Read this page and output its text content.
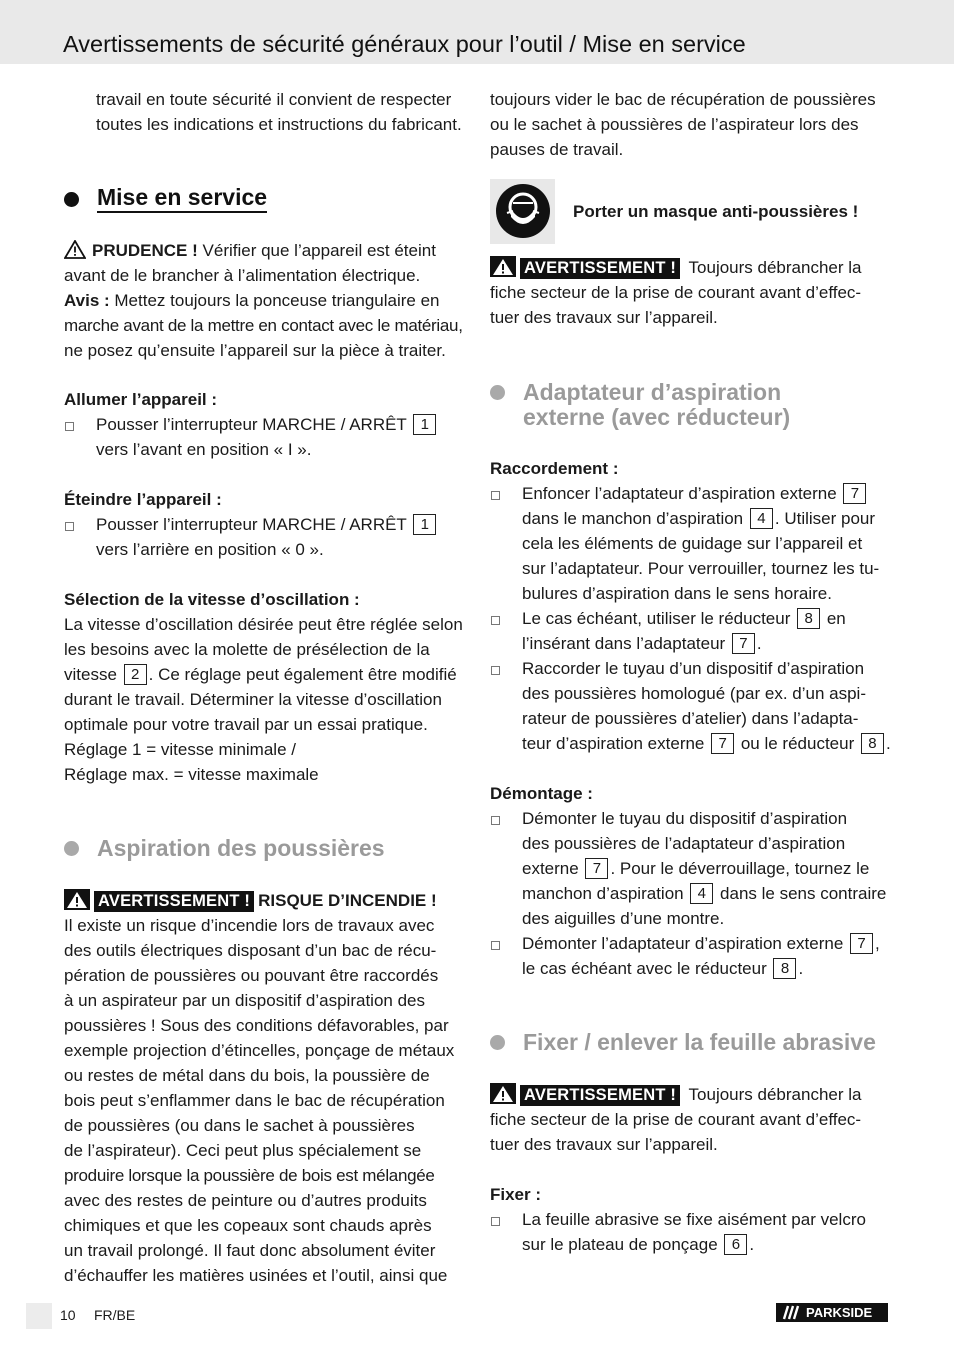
Avertissements de sécurité généraux pour l’outil / Mise en service

travail en toute sécurité il convient de respecter

toutes les indications et instructions du fabricant.

Mise en service

PRUDENCE ! Vérifier que l’appareil est éteint

avant de le brancher à l’alimentation électrique.

Avis : Mettez toujours la ponceuse triangulaire en

marche avant de la mettre en contact avec le matériau,

ne posez qu’ensuite l’appareil sur la pièce à traiter.

Allumer l’appareil :

Pousser l’interrupteur MARCHE / ARRÊT 1
vers l’avant en position « I ».

Éteindre l’appareil :

Pousser l’interrupteur MARCHE / ARRÊT 1
vers l’arrière en position « 0 ».

Sélection de la vitesse d’oscillation :

La vitesse d’oscillation désirée peut être réglée selon

les besoins avec la molette de présélection de la

vitesse 2 . Ce réglage peut également être modifié

durant le travail. Déterminer la vitesse d’oscillation

optimale pour votre travail par un essai pratique.

Réglage 1 = vitesse minimale /

Réglage max. = vitesse maximale

Aspiration des poussières

AVERTISSEMENT ! RISQUE D’INCENDIE !

Il existe un risque d’incendie lors de travaux avec

des outils électriques disposant d’un bac de récu-

pération de poussières ou pouvant être raccordés

à un aspirateur par un dispositif d’aspiration des

poussières ! Sous des conditions défavorables, par

exemple projection d’étincelles, ponçage de métaux

ou restes de métal dans du bois, la poussière de

bois peut s’enflammer dans le bac de récupération

de poussières (ou dans le sachet à poussières

de l’aspirateur). Ceci peut plus spécialement se

produire lorsque la poussière de bois est mélangée

avec des restes de peinture ou d’autres produits

chimiques et que les copeaux sont chauds après

un travail prolongé. Il faut donc absolument éviter

d’échauffer les matières usinées et l’outil, ainsi que

toujours vider le bac de récupération de poussières

ou le sachet à poussières de l’aspirateur lors des

pauses de travail.

Porter un masque anti-poussières !

AVERTISSEMENT ! Toujours débrancher la

fiche secteur de la prise de courant avant d’effec-

tuer des travaux sur l’appareil.

Adaptateur d’aspiration
externe (avec réducteur)

Raccordement :

Enfoncer l’adaptateur d’aspiration externe 7
dans le manchon d’aspiration 4 . Utiliser pour
cela les éléments de guidage sur l’appareil et
sur l’adaptateur. Pour verrouiller, tournez les tu-
bulures d’aspiration dans le sens horaire.
Le cas échéant, utiliser le réducteur 8 en
l’insérant dans l’adaptateur 7 .
Raccorder le tuyau d’un dispositif d’aspiration
des poussières homologué (par ex. d’un aspi-
rateur de poussières d’atelier) dans l’adapta-
teur d’aspiration externe 7 ou le réducteur 8 .

Démontage :

Démonter le tuyau du dispositif d’aspiration
des poussières de l’adaptateur d’aspiration
externe 7 . Pour le déverrouillage, tournez le
manchon d’aspiration 4 dans le sens contraire
des aiguilles d’une montre.
Démonter l’adaptateur d’aspiration externe 7 ,
le cas échéant avec le réducteur 8 .
Fixer / enlever la feuille abrasive

AVERTISSEMENT ! Toujours débrancher la

fiche secteur de la prise de courant avant d’effec-

tuer des travaux sur l’appareil.

Fixer :

La feuille abrasive se fixe aisément par velcro
sur le plateau de ponçage 6 .
10 FR/BE	PARKSIDE
